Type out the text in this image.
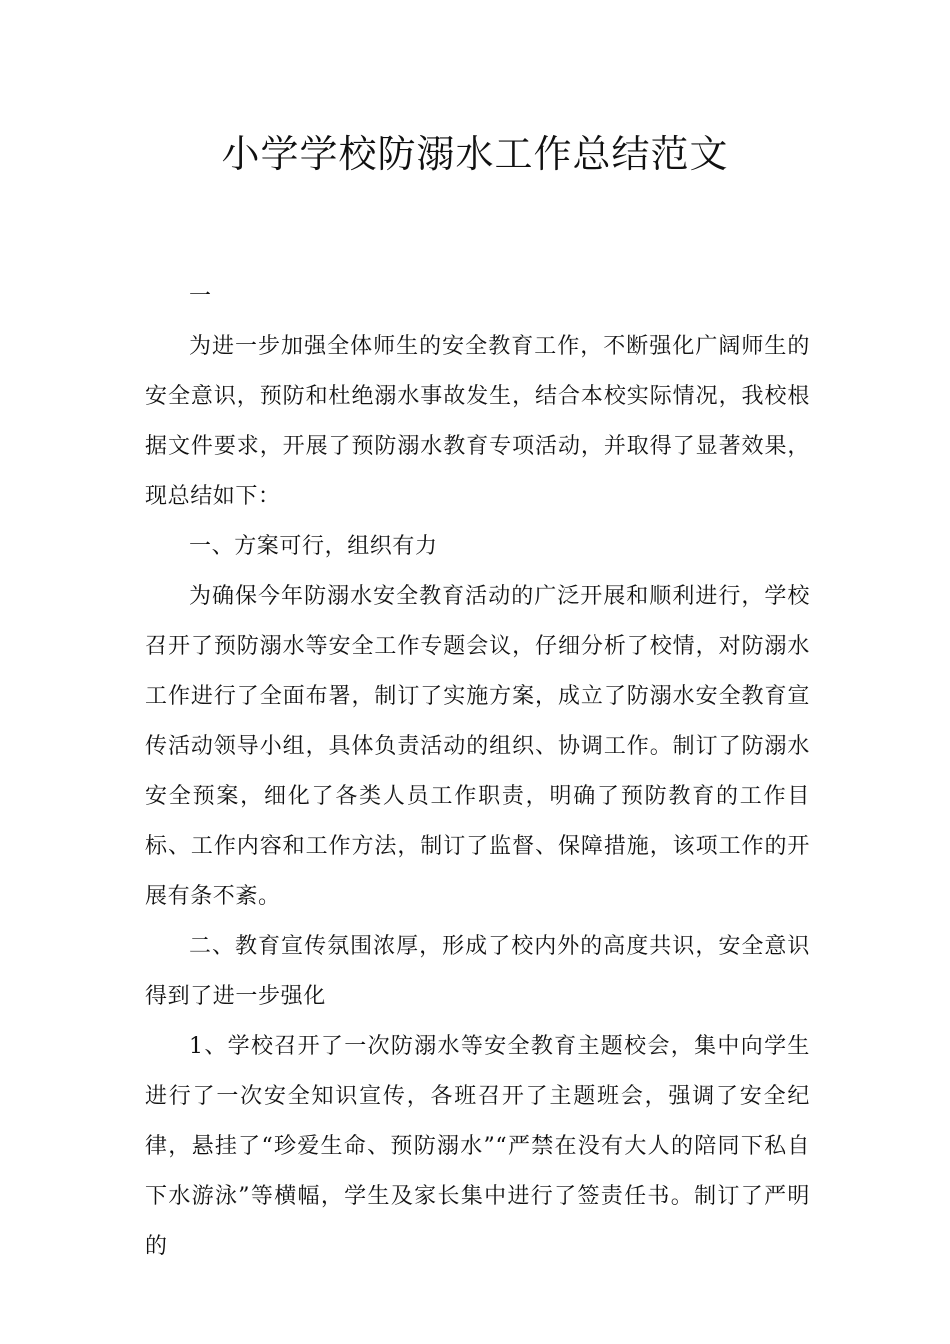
小学学校防溺水工作总结范文

一

为进一步加强全体师生的安全教育工作，不断强化广阔师生的安全意识，预防和杜绝溺水事故发生，结合本校实际情况，我校根据文件要求，开展了预防溺水教育专项活动，并取得了显著效果，现总结如下：

一、方案可行，组织有力

为确保今年防溺水安全教育活动的广泛开展和顺利进行，学校召开了预防溺水等安全工作专题会议，仔细分析了校情，对防溺水工作进行了全面布署，制订了实施方案，成立了防溺水安全教育宣传活动领导小组，具体负责活动的组织、协调工作。制订了防溺水安全预案，细化了各类人员工作职责，明确了预防教育的工作目标、工作内容和工作方法，制订了监督、保障措施，该项工作的开展有条不紊。

二、教育宣传氛围浓厚，形成了校内外的高度共识，安全意识得到了进一步强化

1、学校召开了一次防溺水等安全教育主题校会，集中向学生进行了一次安全知识宣传，各班召开了主题班会，强调了安全纪律，悬挂了“珍爱生命、预防溺水”“严禁在没有大人的陪同下私自下水游泳”等横幅，学生及家长集中进行了签责任书。制订了严明的
